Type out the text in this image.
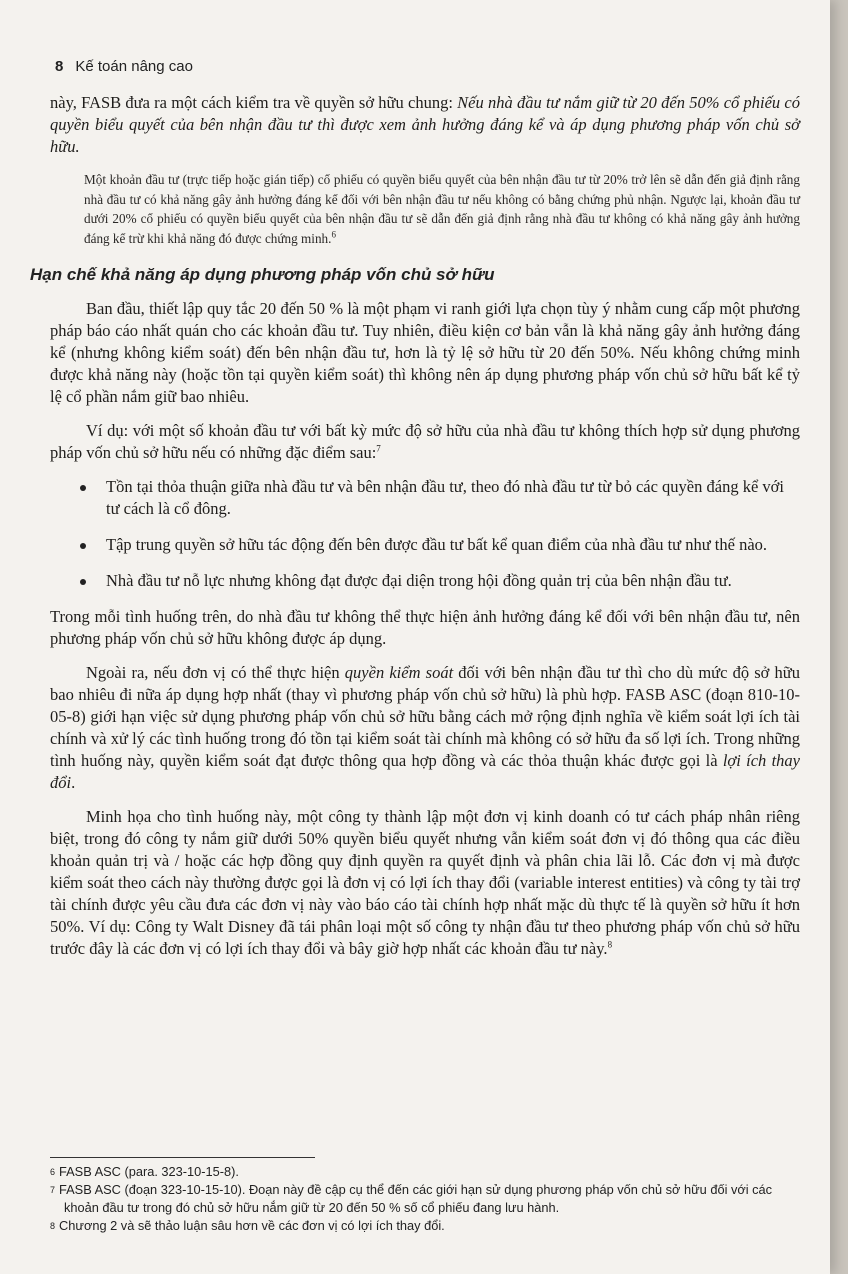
8 Kế toán nâng cao

này, FASB đưa ra một cách kiểm tra về quyền sở hữu chung: Nếu nhà đầu tư nắm giữ từ 20 đến 50% cổ phiếu có quyền biểu quyết của bên nhận đầu tư thì được xem ảnh hưởng đáng kể và áp dụng phương pháp vốn chủ sở hữu.

Một khoản đầu tư (trực tiếp hoặc gián tiếp) cổ phiếu có quyền biểu quyết của bên nhận đầu tư từ 20% trở lên sẽ dẫn đến giả định rằng nhà đầu tư có khả năng gây ảnh hưởng đáng kể đối với bên nhận đầu tư nếu không có bằng chứng phủ nhận. Ngược lại, khoản đầu tư dưới 20% cổ phiếu có quyền biểu quyết của bên nhận đầu tư sẽ dẫn đến giả định rằng nhà đầu tư không có khả năng gây ảnh hưởng đáng kể trừ khi khả năng đó được chứng minh.$^6$
Hạn chế khả năng áp dụng phương pháp vốn chủ sở hữu

Ban đầu, thiết lập quy tắc 20 đến 50 % là một phạm vi ranh giới lựa chọn tùy ý nhằm cung cấp một phương pháp báo cáo nhất quán cho các khoản đầu tư. Tuy nhiên, điều kiện cơ bản vẫn là khả năng gây ảnh hưởng đáng kể (nhưng không kiểm soát) đến bên nhận đầu tư, hơn là tỷ lệ sở hữu từ 20 đến 50%. Nếu không chứng minh được khả năng này (hoặc tồn tại quyền kiểm soát) thì không nên áp dụng phương pháp vốn chủ sở hữu bất kể tỷ lệ cổ phần nắm giữ bao nhiêu.

Ví dụ: với một số khoản đầu tư với bất kỳ mức độ sở hữu của nhà đầu tư không thích hợp sử dụng phương pháp vốn chủ sở hữu nếu có những đặc điểm sau:$^7$

Tồn tại thỏa thuận giữa nhà đầu tư và bên nhận đầu tư, theo đó nhà đầu tư từ bỏ các quyền đáng kể với tư cách là cổ đông.
Tập trung quyền sở hữu tác động đến bên được đầu tư bất kể quan điểm của nhà đầu tư như thế nào.
Nhà đầu tư nỗ lực nhưng không đạt được đại diện trong hội đồng quản trị của bên nhận đầu tư.

Trong mỗi tình huống trên, do nhà đầu tư không thể thực hiện ảnh hưởng đáng kể đối với bên nhận đầu tư, nên phương pháp vốn chủ sở hữu không được áp dụng.

Ngoài ra, nếu đơn vị có thể thực hiện quyền kiểm soát đối với bên nhận đầu tư thì cho dù mức độ sở hữu bao nhiêu đi nữa áp dụng hợp nhất (thay vì phương pháp vốn chủ sở hữu) là phù hợp. FASB ASC (đoạn 810-10-05-8) giới hạn việc sử dụng phương pháp vốn chủ sở hữu bằng cách mở rộng định nghĩa về kiểm soát lợi ích tài chính và xử lý các tình huống trong đó tồn tại kiểm soát tài chính mà không có sở hữu đa số lợi ích. Trong những tình huống này, quyền kiểm soát đạt được thông qua hợp đồng và các thỏa thuận khác được gọi là lợi ích thay đổi.

Minh họa cho tình huống này, một công ty thành lập một đơn vị kinh doanh có tư cách pháp nhân riêng biệt, trong đó công ty nắm giữ dưới 50% quyền biểu quyết nhưng vẫn kiểm soát đơn vị đó thông qua các điều khoản quản trị và / hoặc các hợp đồng quy định quyền ra quyết định và phân chia lãi lỗ. Các đơn vị mà được kiểm soát theo cách này thường được gọi là đơn vị có lợi ích thay đổi (variable interest entities) và công ty tài trợ tài chính được yêu cầu đưa các đơn vị này vào báo cáo tài chính hợp nhất mặc dù thực tế là quyền sở hữu ít hơn 50%. Ví dụ: Công ty Walt Disney đã tái phân loại một số công ty nhận đầu tư theo phương pháp vốn chủ sở hữu trước đây là các đơn vị có lợi ích thay đổi và bây giờ hợp nhất các khoản đầu tư này.$^8$

$^6$ FASB ASC (para. 323-10-15-8).

$^7$ FASB ASC (đoạn 323-10-15-10). Đoạn này đề cập cụ thể đến các giới hạn sử dụng phương pháp vốn chủ sở hữu đối với các
khoản đầu tư trong đó chủ sở hữu nắm giữ từ 20 đến 50 % số cổ phiếu đang lưu hành.

$^8$ Chương 2 và sẽ thảo luận sâu hơn về các đơn vị có lợi ích thay đổi.
